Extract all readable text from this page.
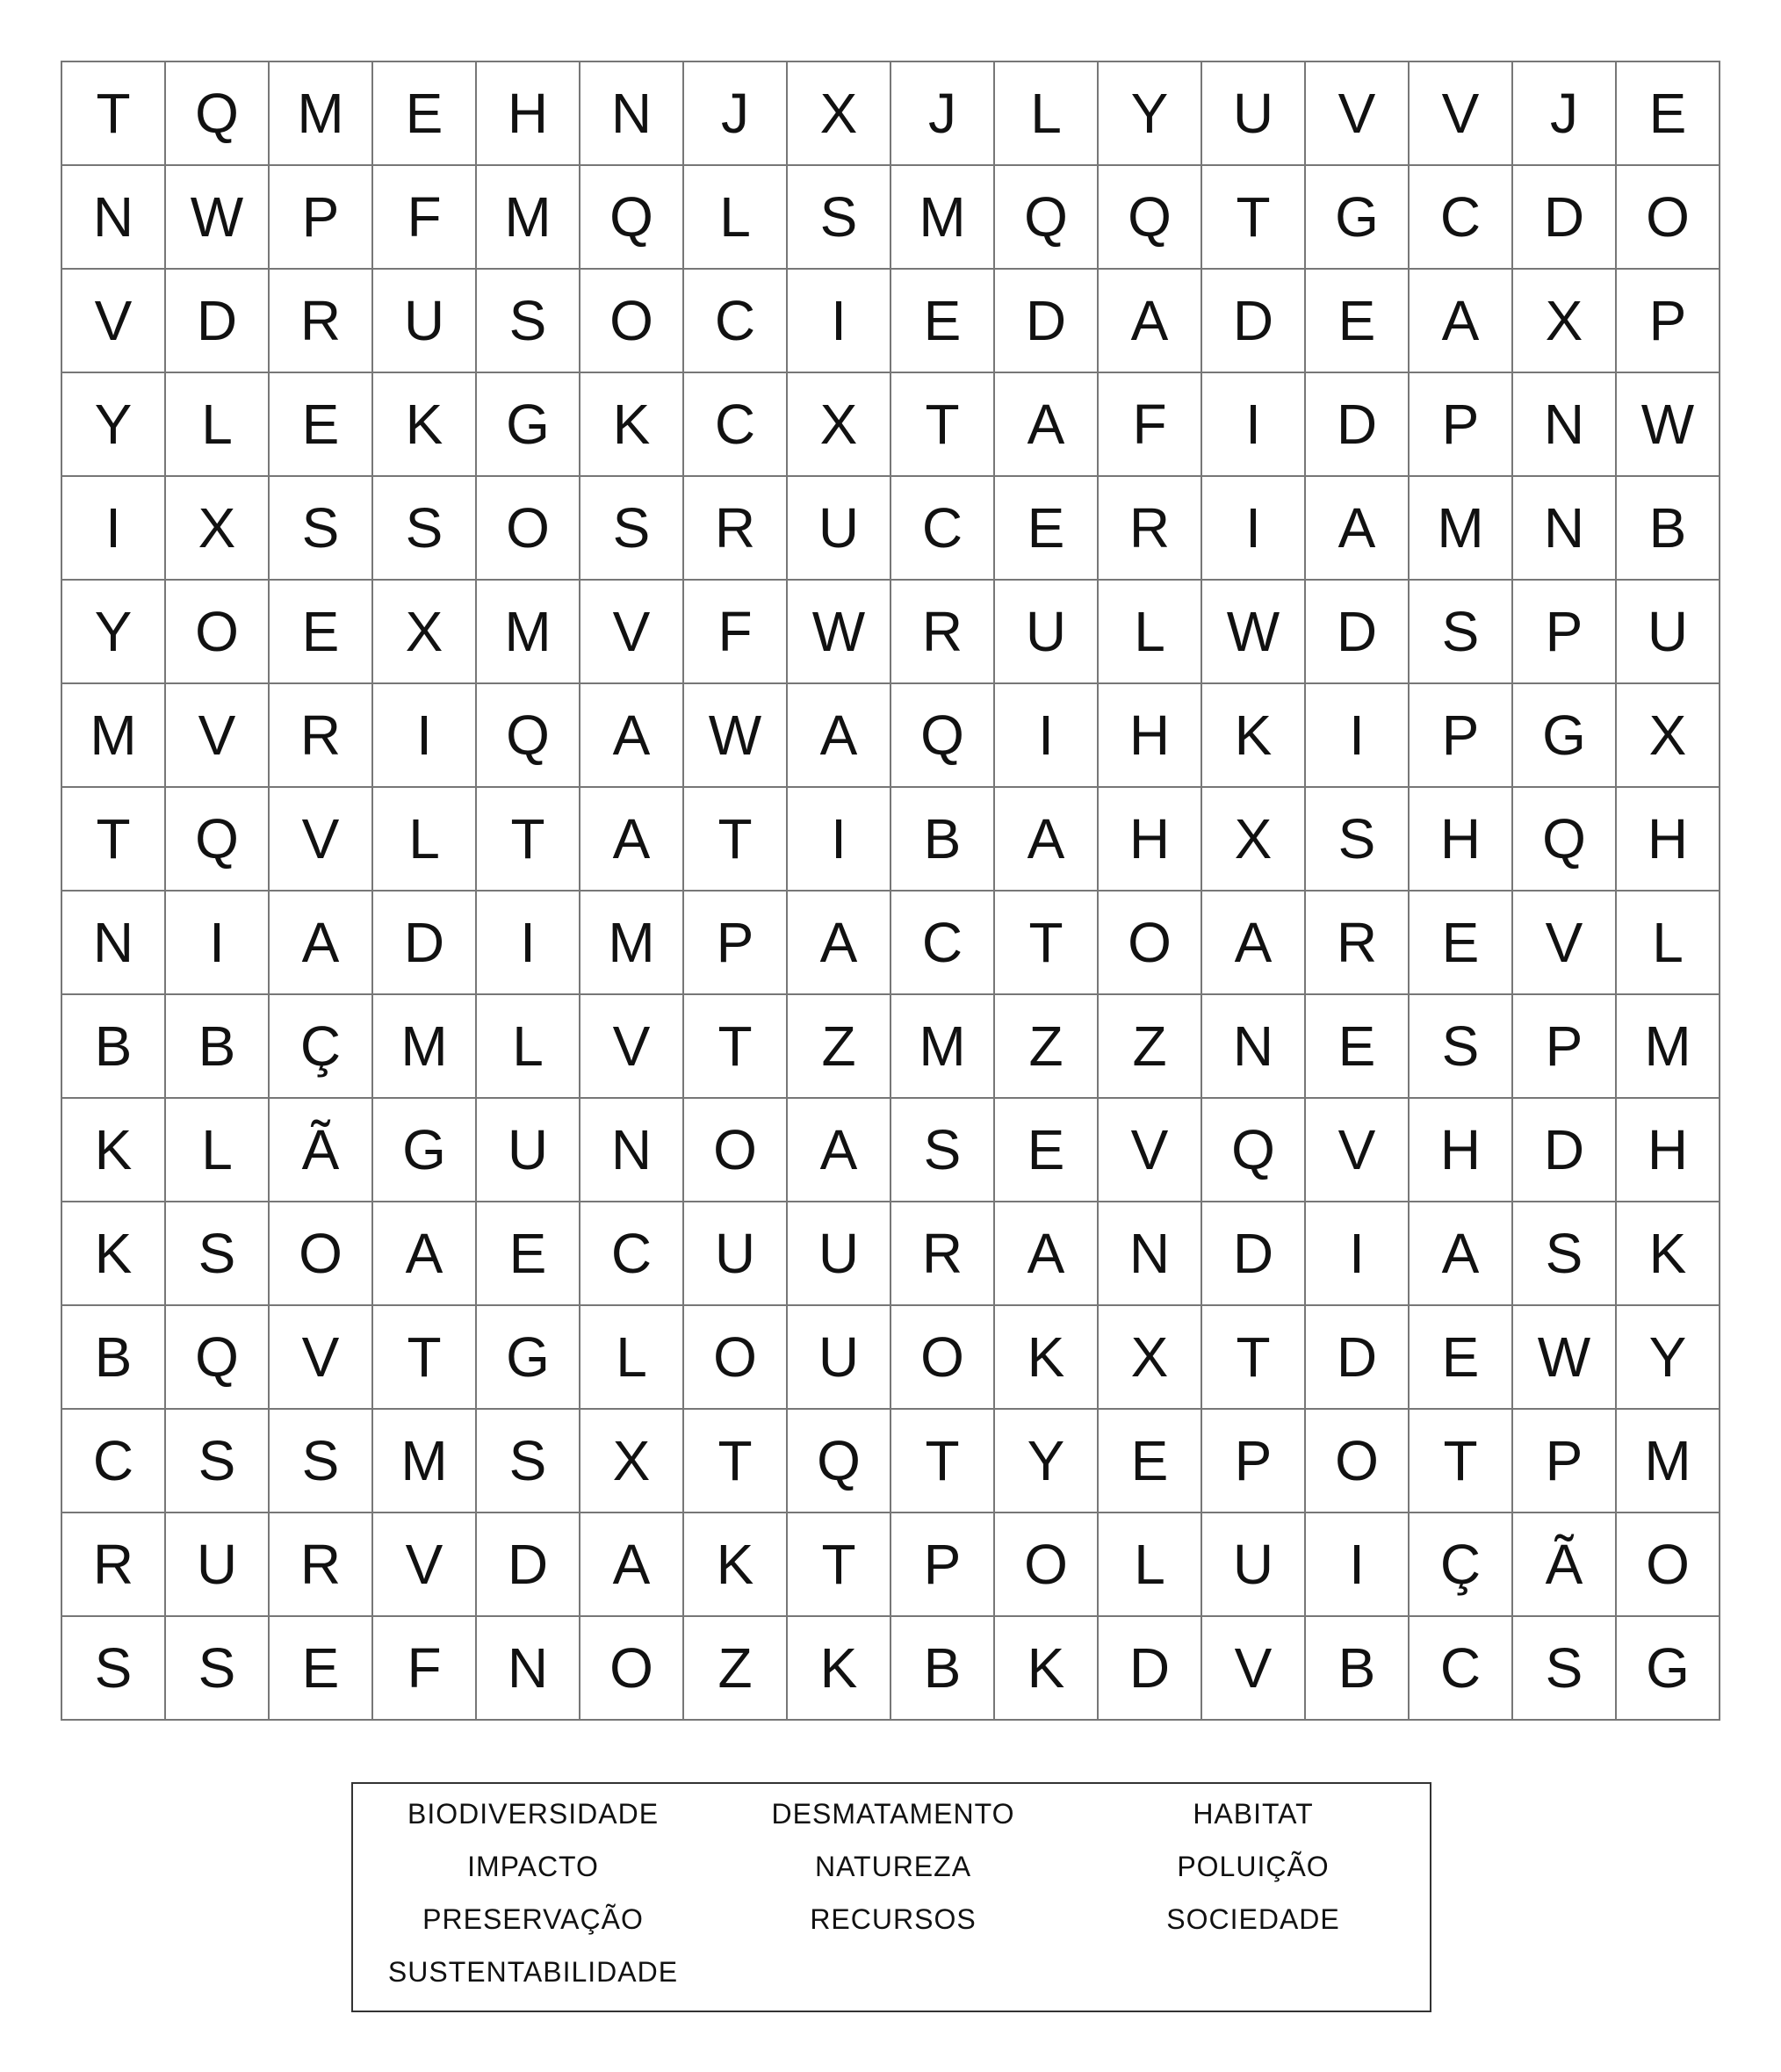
T	Q	M	E	H	N	J	X	J	L	Y	U	V	V	J	E
N	W	P	F	M	Q	L	S	M	Q	Q	T	G	C	D	O
V	D	R	U	S	O	C	I	E	D	A	D	E	A	X	P
Y	L	E	K	G	K	C	X	T	A	F	I	D	P	N	W
I	X	S	S	O	S	R	U	C	E	R	I	A	M	N	B
Y	O	E	X	M	V	F	W	R	U	L	W	D	S	P	U
M	V	R	I	Q	A	W	A	Q	I	H	K	I	P	G	X
T	Q	V	L	T	A	T	I	B	A	H	X	S	H	Q	H
N	I	A	D	I	M	P	A	C	T	O	A	R	E	V	L
B	B	Ç	M	L	V	T	Z	M	Z	Z	N	E	S	P	M
K	L	Ã	G	U	N	O	A	S	E	V	Q	V	H	D	H
K	S	O	A	E	C	U	U	R	A	N	D	I	A	S	K
B	Q	V	T	G	L	O	U	O	K	X	T	D	E	W	Y
C	S	S	M	S	X	T	Q	T	Y	E	P	O	T	P	M
R	U	R	V	D	A	K	T	P	O	L	U	I	Ç	Ã	O
S	S	E	F	N	O	Z	K	B	K	D	V	B	C	S	G
BIODIVERSIDADE
IMPACTO
PRESERVAÇÃO
SUSTENTABILIDADE
DESMATAMENTO
NATUREZA
RECURSOS
HABITAT
POLUIÇÃO
SOCIEDADE
